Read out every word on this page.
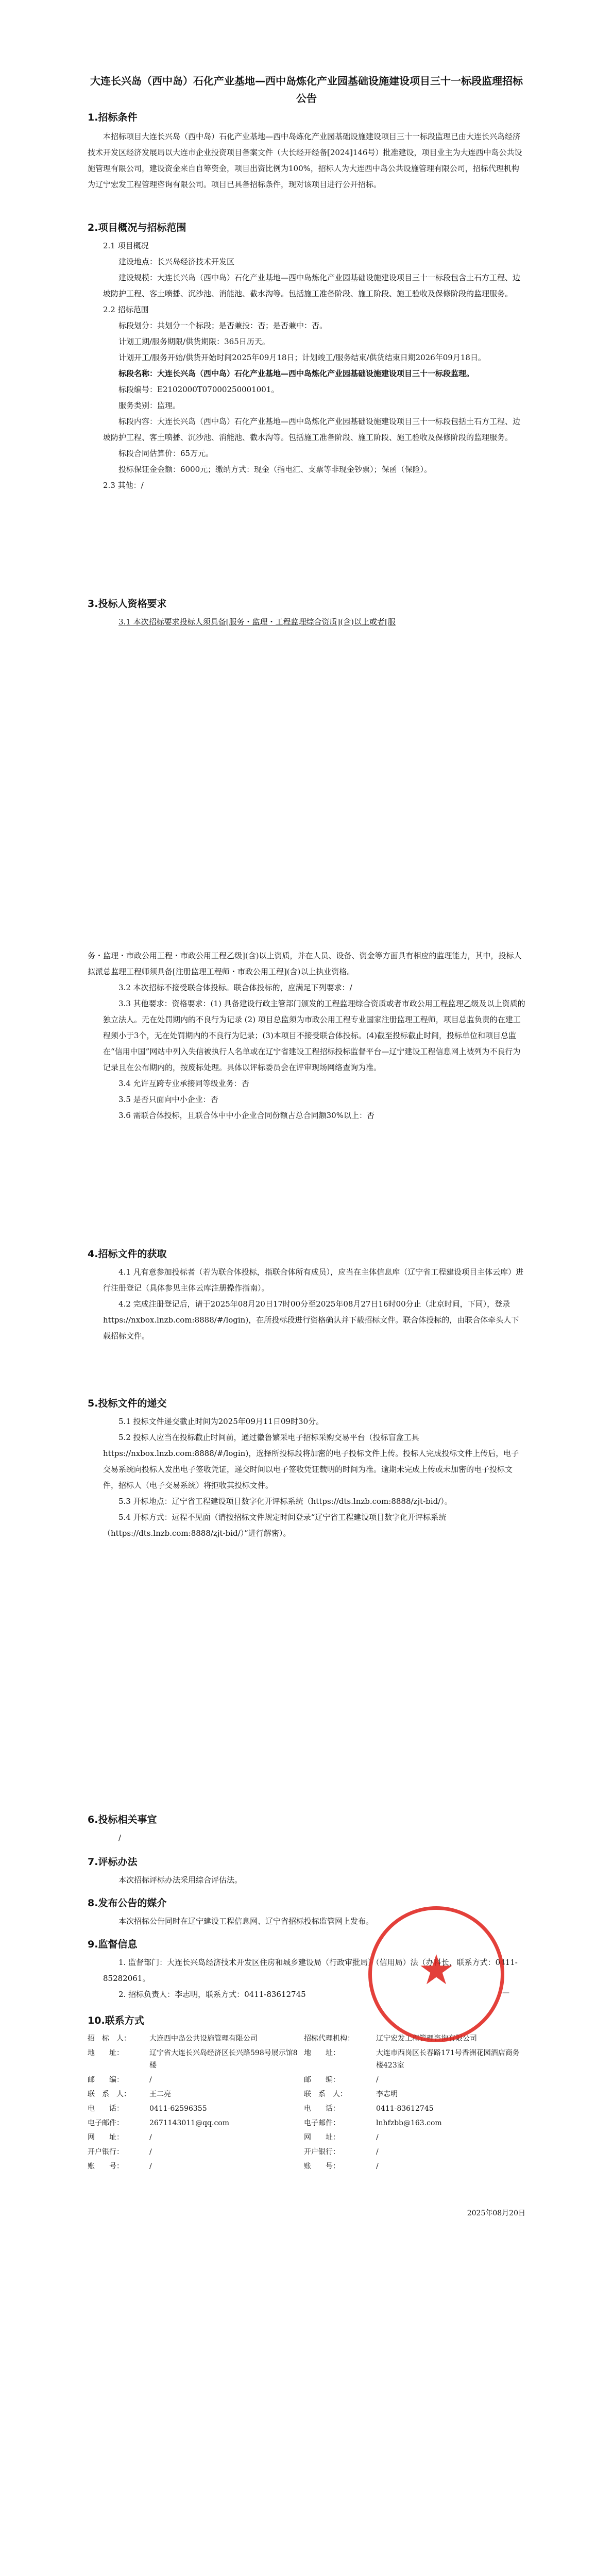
大连长兴岛（西中岛）石化产业基地—西中岛炼化产业园基础设施建设项目三十一标段监理招标公告
1.招标条件

本招标项目大连长兴岛（西中岛）石化产业基地—西中岛炼化产业园基础设施建设项目三十一标段监理已由大连长兴岛经济技术开发区经济发展局以大连市企业投资项目备案文件（大长经开经备[2024]146号）批准建设，项目业主为大连西中岛公共设施管理有限公司，建设资金来自自筹资金，项目出资比例为100%，招标人为大连西中岛公共设施管理有限公司，招标代理机构为辽宁宏发工程管理咨询有限公司。项目已具备招标条件，现对该项目进行公开招标。

2.项目概况与招标范围

2.1 项目概况

建设地点：长兴岛经济技术开发区

建设规模：大连长兴岛（西中岛）石化产业基地—西中岛炼化产业园基础设施建设项目三十一标段包含土石方工程、边坡防护工程、客土喷播、沉沙池、消能池、截水沟等。包括施工准备阶段、施工阶段、施工验收及保修阶段的监理服务。

2.2 招标范围

标段划分：共划分一个标段；是否兼投：否；是否兼中：否。

计划工期/服务期限/供货期限：365日历天。

计划开工/服务开始/供货开始时间2025年09月18日；计划竣工/服务结束/供货结束日期2026年09月18日。

标段名称：大连长兴岛（西中岛）石化产业基地—西中岛炼化产业园基础设施建设项目三十一标段监理。

标段编号：E2102000T07000250001001。

服务类别：监理。

标段内容：大连长兴岛（西中岛）石化产业基地—西中岛炼化产业园基础设施建设项目三十一标段包括土石方工程、边坡防护工程、客土喷播、沉沙池、消能池、截水沟等。包括施工准备阶段、施工阶段、施工验收及保修阶段的监理服务。

标段合同估算价：65万元。

投标保证金金额：6000元；缴纳方式：现金（指电汇、支票等非现金钞票）；保函（保险）。

2.3 其他：/

3.投标人资格要求

3.1 本次招标要求投标人须具备[服务・监理・工程监理综合资质](含)以上或者[服

务・监理・市政公用工程・市政公用工程乙级](含)以上资质，并在人员、设备、资金等方面具有相应的监理能力，其中，投标人拟派总监理工程师须具备[注册监理工程师・市政公用工程](含)以上执业资格。

3.2 本次招标不接受联合体投标。联合体投标的，应满足下列要求：/

3.3 其他要求：资格要求：(1) 具备建设行政主管部门颁发的工程监理综合资质或者市政公用工程监理乙级及以上资质的独立法人。无在处罚期内的不良行为记录 (2) 项目总监须为市政公用工程专业国家注册监理工程师，项目总监负责的在建工程须小于3个，无在处罚期内的不良行为记录；(3)本项目不接受联合体投标。(4)截至投标截止时间，投标单位和项目总监在“信用中国”网站中列入失信被执行人名单或在辽宁省建设工程招标投标监督平台—辽宁建设工程信息网上被列为不良行为记录且在公布期内的，按废标处理。具体以评标委员会在评审现场网络查询为准。

3.4 允许互跨专业承接同等级业务：否

3.5 是否只面向中小企业：否

3.6 需联合体投标，且联合体中中小企业合同份额占总合同额30%以上：否

4.招标文件的获取

4.1 凡有意参加投标者（若为联合体投标，指联合体所有成员），应当在主体信息库（辽宁省工程建设项目主体云库）进行注册登记（具体参见主体云库注册操作指南）。

4.2 完成注册登记后，请于2025年08月20日17时00分至2025年08月27日16时00分止（北京时间，下同），登录https://nxbox.lnzb.com:8888/#/login)，在所投标段进行资格确认并下载招标文件。联合体投标的，由联合体牵头人下载招标文件。

5.投标文件的递交

5.1 投标文件递交截止时间为2025年09月11日09时30分。

5.2 投标人应当在投标截止时间前，通过徽鲁繁采电子招标采购交易平台（投标盲盒工具https://nxbox.lnzb.com:8888/#/login)，选择所投标段将加密的电子投标文件上传。投标人完成投标文件上传后，电子交易系统向投标人发出电子签收凭证，递交时间以电子签收凭证载明的时间为准。逾期未完成上传或未加密的电子投标文件，招标人（电子交易系统）将拒收其投标文件。

5.3 开标地点：辽宁省工程建设项目数字化开评标系统（https://dts.lnzb.com:8888/zjt-bid/）。

5.4 开标方式：远程不见面（请按招标文件规定时间登录“辽宁省工程建设项目数字化开评标系统（https://dts.lnzb.com:8888/zjt-bid/）”进行解密）。

6.投标相关事宜

/

7.评标办法

本次招标评标办法采用综合评估法。

8.发布公告的媒介

本次招标公告同时在辽宁建设工程信息网、辽宁省招标投标监管网上发布。

9.监督信息

1. 监督部门：大连长兴岛经济技术开发区住房和城乡建设局（行政审批局）（信用局）法（办科长，联系方式：0411-85282061。

2. 招标负责人：李志明，联系方式：0411-83612745

10.联系方式
招　标　人：	大连西中岛公共设施管理有限公司	招标代理机构：	辽宁宏发工程管理咨询有限公司
地　　址：	辽宁省大连长兴岛经济区长兴路598号展示馆8楼	地　　址：	大连市西岗区长春路171号香洲花园酒店商务楼423室
邮　　编：	/	邮　　编：	/
联　系　人：	王二亮	联　系　人：	李志明
电　　话：	0411-62596355	电　　话：	0411-83612745
电子邮件：	2671143011@qq.com	电子邮件：	lnhfzbb@163.com
网　　址：	/	网　　址：	/
开户银行：	/	开户银行：	/
账　　号：	/	账　　号：	/
★	—
2025年08月20日
